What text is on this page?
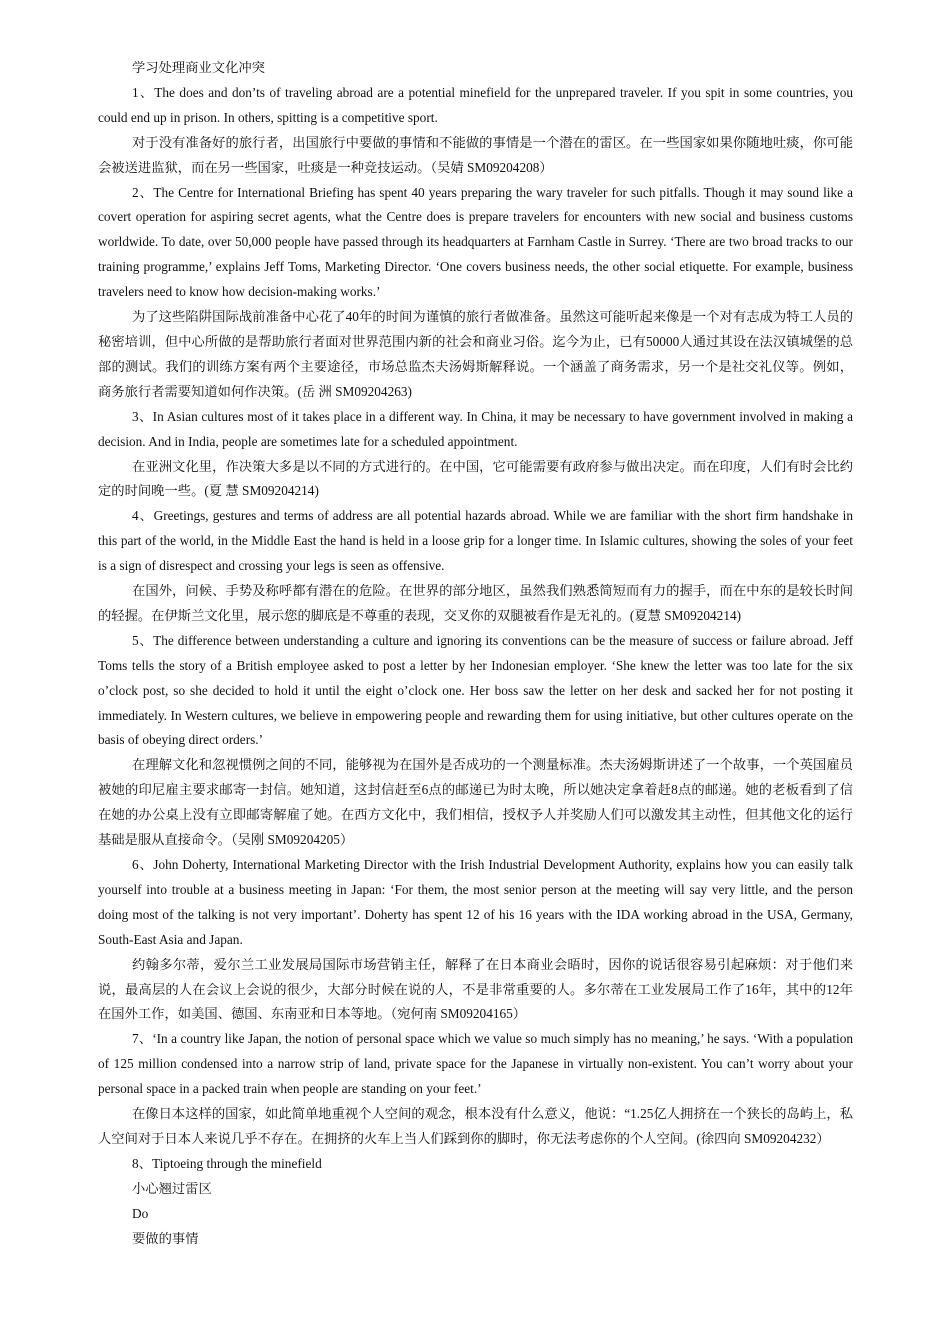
学习处理商业文化冲突

1、The does and don’ts of traveling abroad are a potential minefield for the unprepared traveler. If you spit in some countries, you could end up in prison. In others, spitting is a competitive sport.

对于没有准备好的旅行者，出国旅行中要做的事情和不能做的事情是一个潜在的雷区。在一些国家如果你随地吐痰，你可能会被送进监狱，而在另一些国家，吐痰是一种竞技运动。（吴婧 SM09204208）

2、The Centre for International Briefing has spent 40 years preparing the wary traveler for such pitfalls. Though it may sound like a covert operation for aspiring secret agents, what the Centre does is prepare travelers for encounters with new social and business customs worldwide. To date, over 50,000 people have passed through its headquarters at Farnham Castle in Surrey. ‘There are two broad tracks to our training programme,’ explains Jeff Toms, Marketing Director. ‘One covers business needs, the other social etiquette. For example, business travelers need to know how decision-making works.’

为了这些陷阱国际战前准备中心花了40年的时间为谨慎的旅行者做准备。虽然这可能听起来像是一个对有志成为特工人员的秘密培训，但中心所做的是帮助旅行者面对世界范围内新的社会和商业习俗。迄今为止，已有50000人通过其设在法汉镇城堡的总部的测试。我们的训练方案有两个主要途径，市场总监杰夫汤姆斯解释说。一个涵盖了商务需求，另一个是社交礼仪等。例如，商务旅行者需要知道如何作决策。(岳 洲 SM09204263)

3、In Asian cultures most of it takes place in a different way. In China, it may be necessary to have government involved in making a decision. And in India, people are sometimes late for a scheduled appointment.

在亚洲文化里，作决策大多是以不同的方式进行的。在中国，它可能需要有政府参与做出决定。而在印度，人们有时会比约定的时间晚一些。(夏 慧 SM09204214)

4、Greetings, gestures and terms of address are all potential hazards abroad. While we are familiar with the short firm handshake in this part of the world, in the Middle East the hand is held in a loose grip for a longer time. In Islamic cultures, showing the soles of your feet is a sign of disrespect and crossing your legs is seen as offensive.

在国外，问候、手势及称呼都有潜在的危险。在世界的部分地区，虽然我们熟悉简短而有力的握手，而在中东的是较长时间的轻握。在伊斯兰文化里，展示您的脚底是不尊重的表现，交叉你的双腿被看作是无礼的。(夏慧 SM09204214)

5、The difference between understanding a culture and ignoring its conventions can be the measure of success or failure abroad. Jeff Toms tells the story of a British employee asked to post a letter by her Indonesian employer. ‘She knew the letter was too late for the six o’clock post, so she decided to hold it until the eight o’clock one. Her boss saw the letter on her desk and sacked her for not posting it immediately. In Western cultures, we believe in empowering people and rewarding them for using initiative, but other cultures operate on the basis of obeying direct orders.’

在理解文化和忽视惯例之间的不同，能够视为在国外是否成功的一个测量标准。杰夫汤姆斯讲述了一个故事，一个英国雇员被她的印尼雇主要求邮寄一封信。她知道，这封信赶至6点的邮递已为时太晚，所以她决定拿着赶8点的邮递。她的老板看到了信在她的办公桌上没有立即邮寄解雇了她。在西方文化中，我们相信，授权予人并奖励人们可以激发其主动性，但其他文化的运行基础是服从直接命令。（吴刚 SM09204205）

6、John Doherty, International Marketing Director with the Irish Industrial Development Authority, explains how you can easily talk yourself into trouble at a business meeting in Japan: ‘For them, the most senior person at the meeting will say very little, and the person doing most of the talking is not very important’. Doherty has spent 12 of his 16 years with the IDA working abroad in the USA, Germany, South-East Asia and Japan.

约翰多尔蒂，爱尔兰工业发展局国际市场营销主任，解释了在日本商业会晤时，因你的说话很容易引起麻烦：对于他们来说，最高层的人在会议上会说的很少，大部分时候在说的人，不是非常重要的人。多尔蒂在工业发展局工作了16年，其中的12年在国外工作，如美国、德国、东南亚和日本等地。（宛何南 SM09204165）

7、‘In a country like Japan, the notion of personal space which we value so much simply has no meaning,’ he says. ‘With a population of 125 million condensed into a narrow strip of land, private space for the Japanese in virtually non-existent. You can’t worry about your personal space in a packed train when people are standing on your feet.’

在像日本这样的国家，如此简单地重视个人空间的观念，根本没有什么意义，他说：“1.25亿人拥挤在一个狭长的岛屿上，私人空间对于日本人来说几乎不存在。在拥挤的火车上当人们踩到你的脚时，你无法考虑你的个人空间。(徐四向 SM09204232）

8、Tiptoeing through the minefield

小心翘过雷区

Do

要做的事情
